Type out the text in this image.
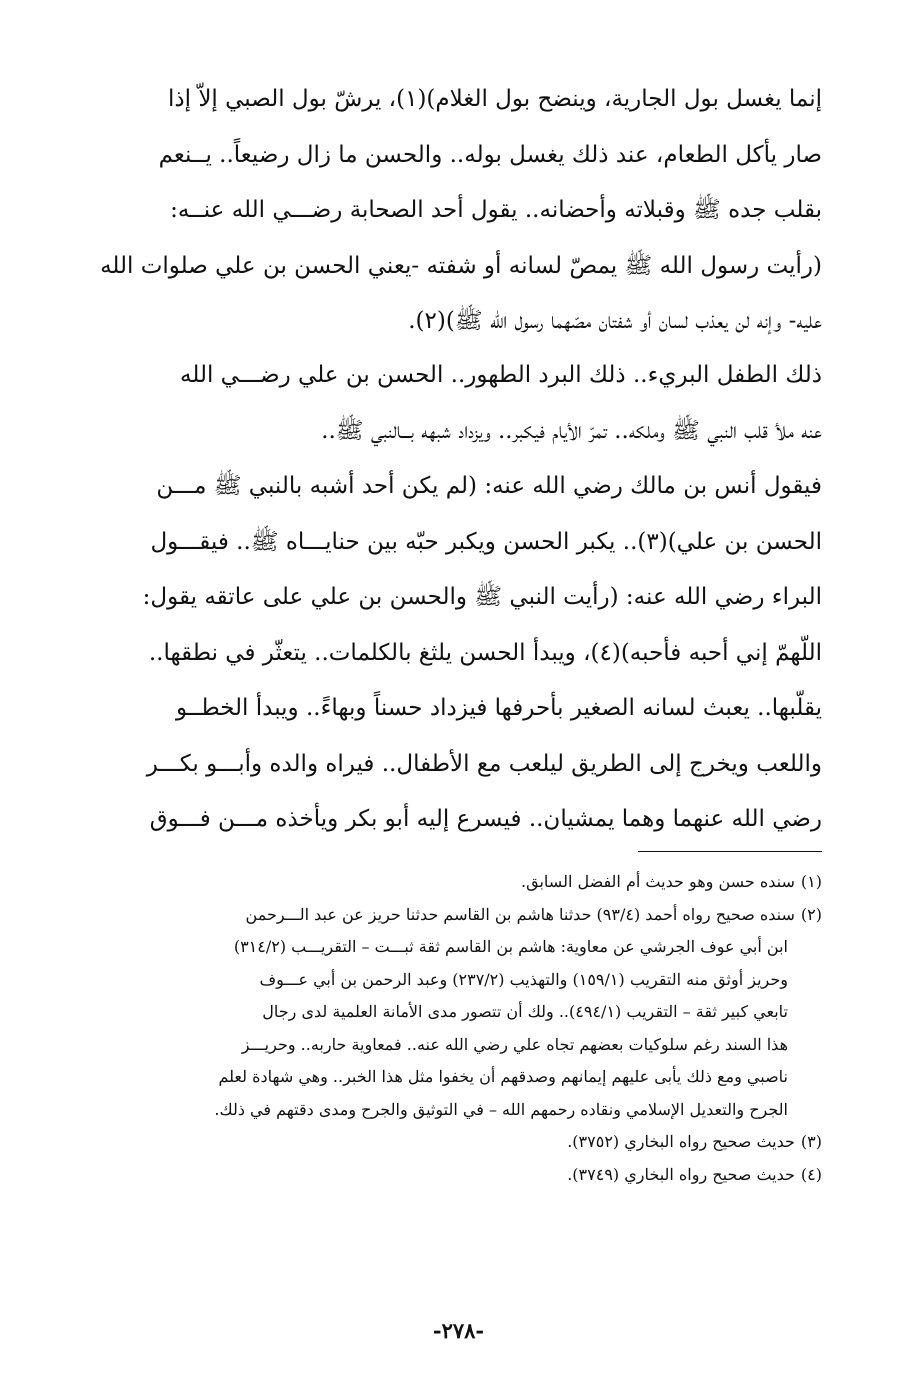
إنما يغسل بول الجارية، وينضح بول الغلام)(١)، يرشّ بول الصبي إلاّ إذا

صار يأكل الطعام، عند ذلك يغسل بوله.. والحسن ما زال رضيعاً.. يــنعم

بقلب جده ﷺ وقبلاته وأحضانه.. يقول أحد الصحابة رضـــي الله عنــه:

(رأيت رسول الله ﷺ يمصّ لسانه أو شفته -يعني الحسن بن علي صلوات الله

عليه- وإنه لن يعذب لسان أو شفتان مصّهما رسول الله ﷺ)(٢).

ذلك الطفل البريء.. ذلك البرد الطهور.. الحسن بن علي رضـــي الله

عنه ملأ قلب النبي ﷺ وملكه.. تمرّ الأيام فيكبر.. ويزداد شبهه بـــالنبي ﷺ..

فيقول أنس بن مالك رضي الله عنه: (لم يكن أحد أشبه بالنبي ﷺ مـــن

الحسن بن علي)(٣).. يكبر الحسن ويكبر حبّه بين حنايـــاه ﷺ.. فيقـــول

البراء رضي الله عنه: (رأيت النبي ﷺ والحسن بن علي على عاتقه يقول:

اللّهمّ إني أحبه فأحبه)(٤)، ويبدأ الحسن يلثغ بالكلمات.. يتعثّر في نطقها..

يقلّبها.. يعبث لسانه الصغير بأحرفها فيزداد حسناً وبهاءً.. ويبدأ الخطــو

واللعب ويخرج إلى الطريق ليلعب مع الأطفال.. فيراه والده وأبـــو بكـــر

رضي الله عنهما وهما يمشيان.. فيسرع إليه أبو بكر ويأخذه مـــن فـــوق

(١)
سنده حسن وهو حديث أم الفضل السابق.
(٢)
سنده صحيح رواه أحمد (٩٣/٤) حدثنا هاشم بن القاسم حدثنا حريز عن عبد الـــرحمن
ابن أبي عوف الجرشي عن معاوية: هاشم بن القاسم ثقة ثبـــت – التقريـــب (٣١٤/٢)
وحريز أوثق منه التقريب (١٥٩/١) والتهذيب (٢٣٧/٢) وعبد الرحمن بن أبي عـــوف
تابعي كبير ثقة – التقريب (٤٩٤/١).. ولك أن تتصور مدى الأمانة العلمية لدى رجال
هذا السند رغم سلوكيات بعضهم تجاه علي رضي الله عنه.. فمعاوية حاربه.. وحريـــز
ناصبي ومع ذلك يأبى عليهم إيمانهم وصدقهم أن يخفوا مثل هذا الخبر.. وهي شهادة لعلم
الجرح والتعديل الإسلامي ونقاده رحمهم الله – في التوثيق والجرح ومدى دقتهم في ذلك.
(٣)
حديث صحيح رواه البخاري (٣٧٥٢).
(٤)
حديث صحيح رواه البخاري (٣٧٤٩).
-٢٧٨-
